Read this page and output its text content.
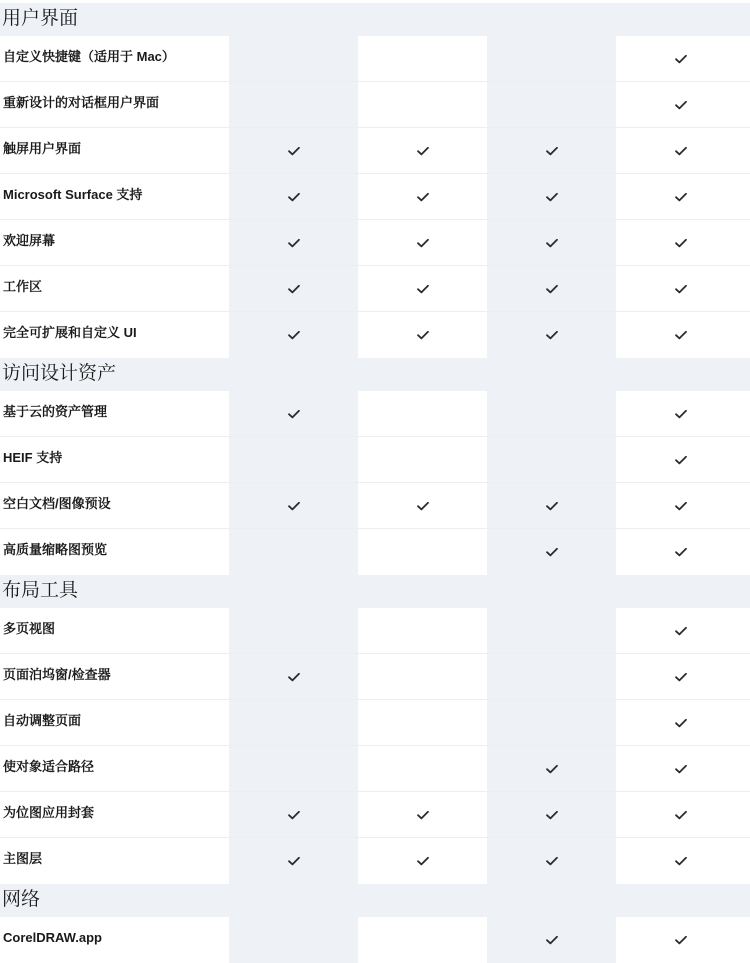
用户界面
自定义快捷键（适用于 Mac）
重新设计的对话框用户界面
触屏用户界面
Microsoft Surface 支持
欢迎屏幕
工作区
完全可扩展和自定义 UI
访问设计资产
基于云的资产管理
HEIF 支持
空白文档/图像预设
高质量缩略图预览
布局工具
多页视图
页面泊坞窗/检查器
自动调整页面
使对象适合路径
为位图应用封套
主图层
网络
CorelDRAW.app
